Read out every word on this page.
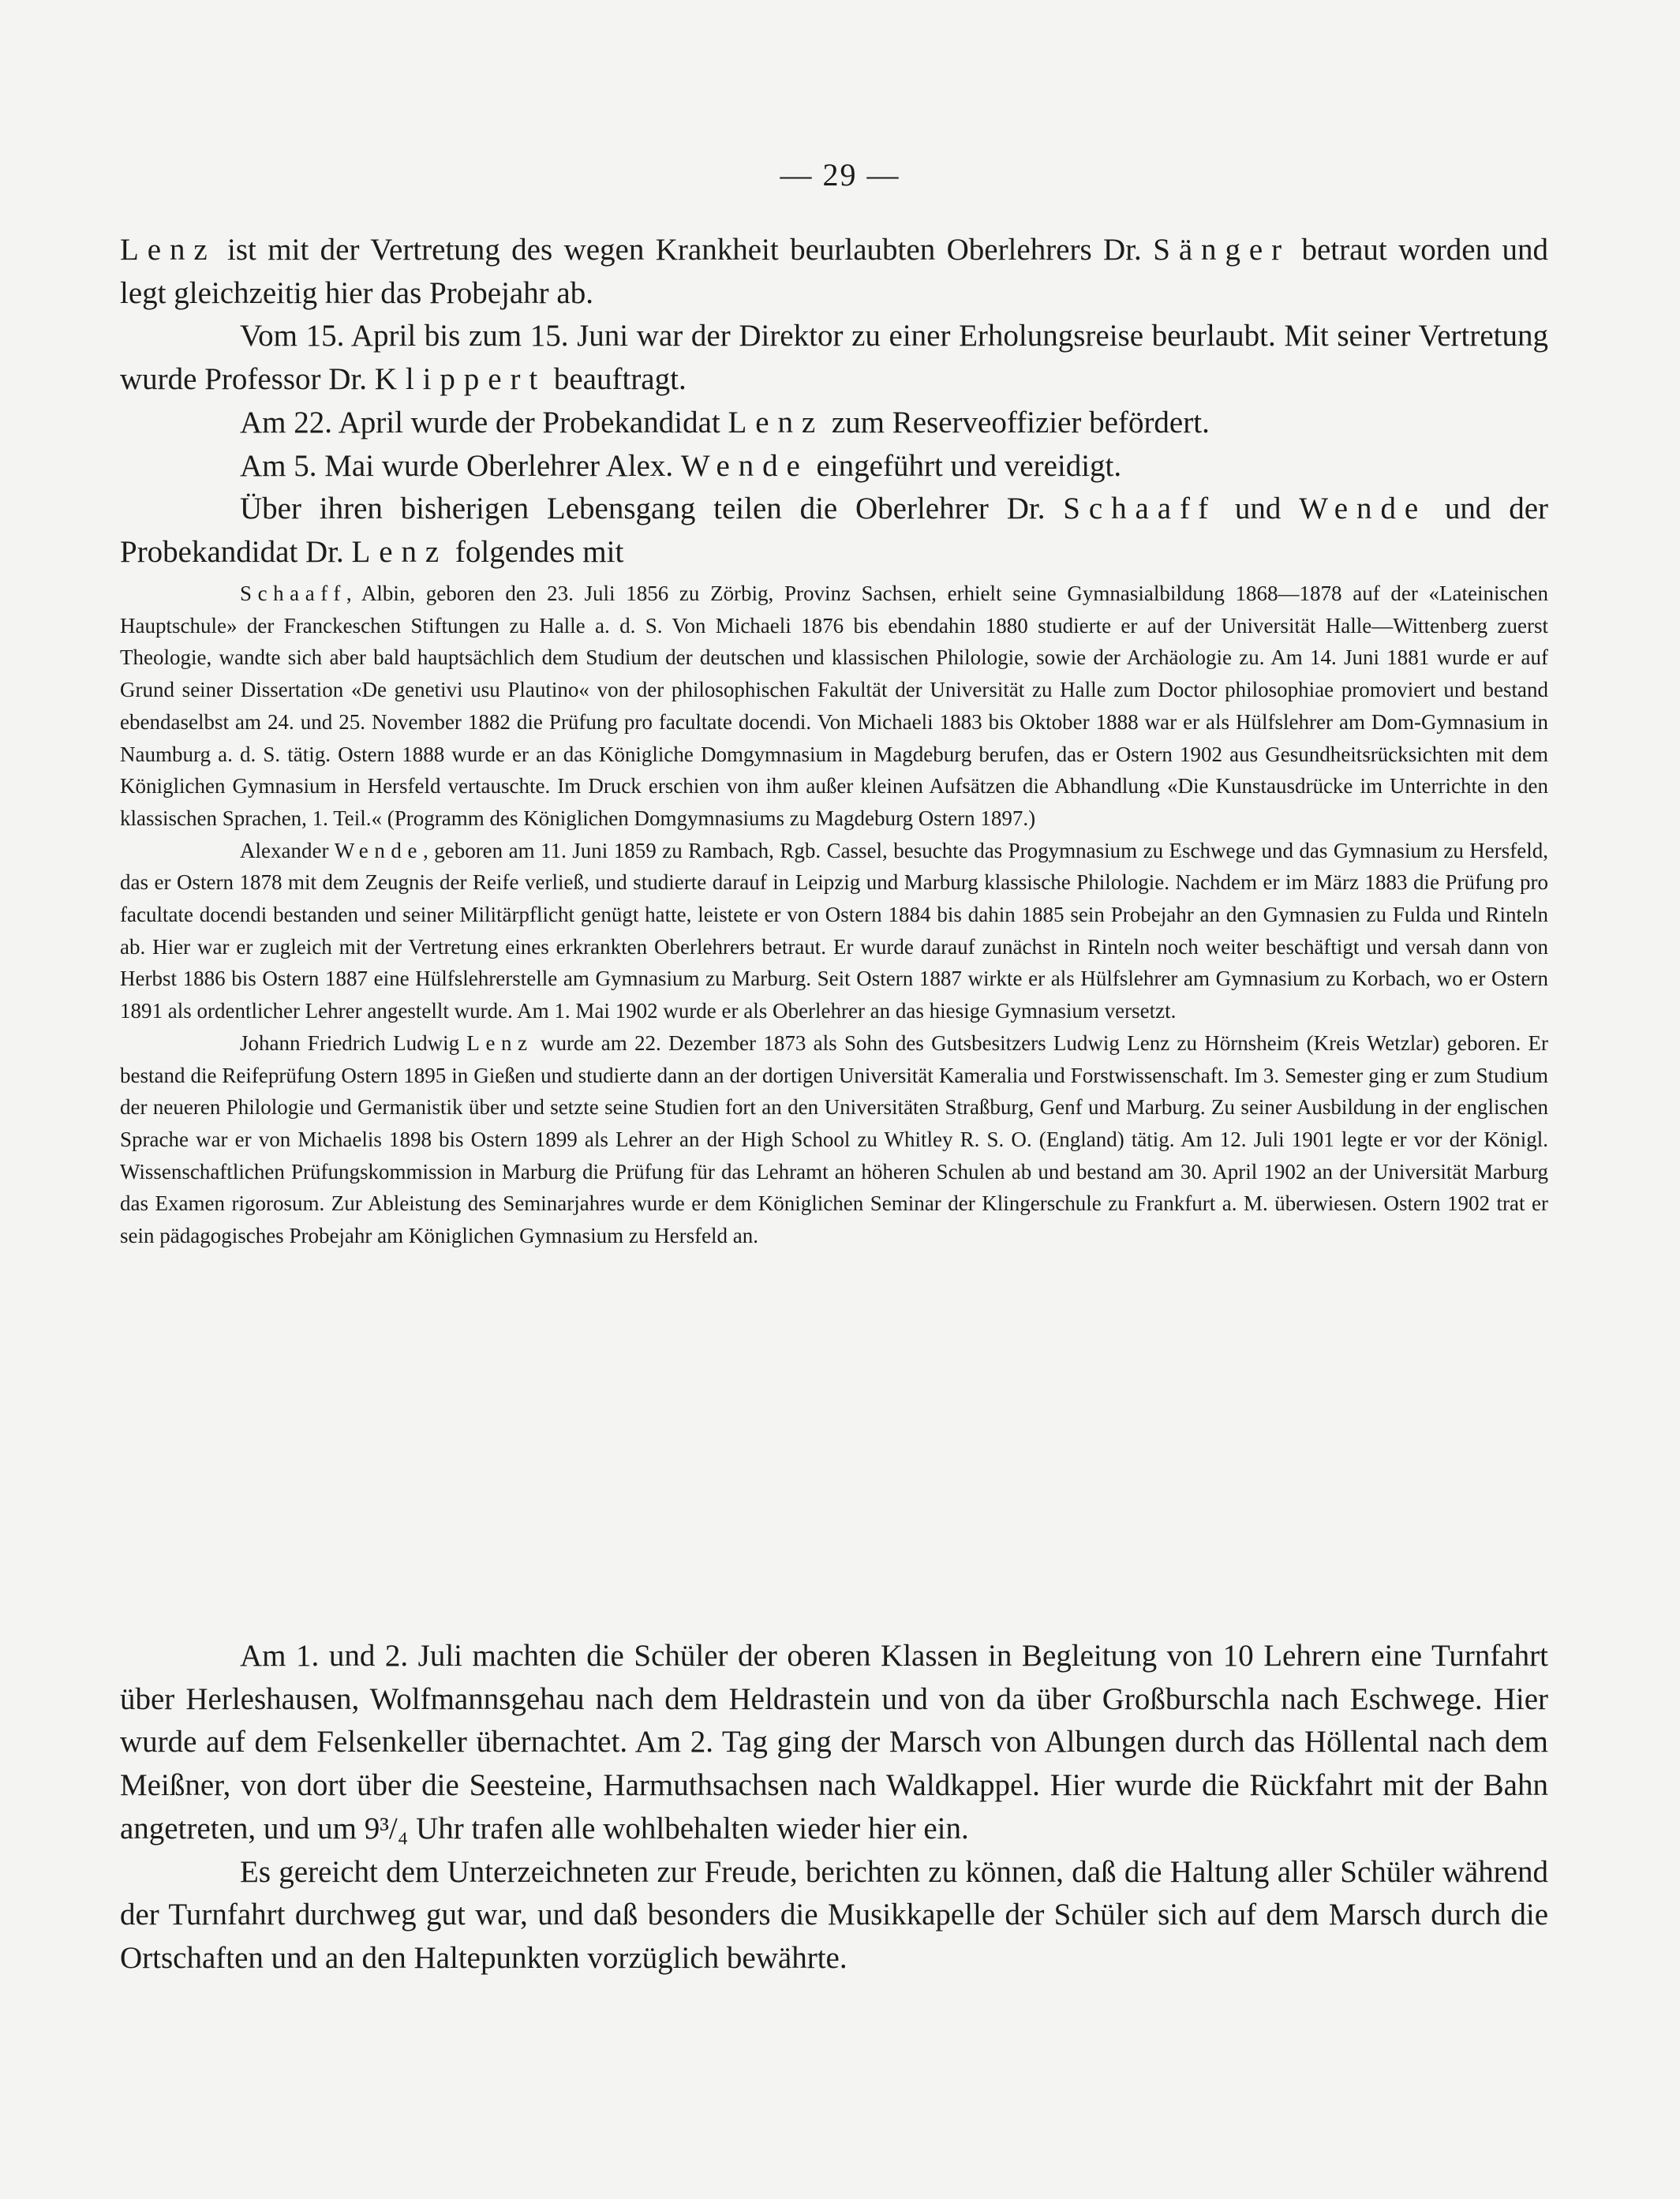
— 29 —

Lenz ist mit der Vertretung des wegen Krankheit beurlaubten Oberlehrers Dr. Sänger betraut worden und legt gleichzeitig hier das Probejahr ab.

Vom 15. April bis zum 15. Juni war der Direktor zu einer Erholungsreise beurlaubt. Mit seiner Vertretung wurde Professor Dr. Klippert beauftragt.

Am 22. April wurde der Probekandidat Lenz zum Reserveoffizier befördert.

Am 5. Mai wurde Oberlehrer Alex. Wende eingeführt und vereidigt.

Über ihren bisherigen Lebensgang teilen die Oberlehrer Dr. Schaaff und Wende und der Probekandidat Dr. Lenz folgendes mit

Schaaff, Albin, geboren den 23. Juli 1856 zu Zörbig, Provinz Sachsen, erhielt seine Gymnasialbildung 1868—1878 auf der «Lateinischen Hauptschule» der Franckeschen Stiftungen zu Halle a. d. S. Von Michaeli 1876 bis ebendahin 1880 studierte er auf der Universität Halle—Wittenberg zuerst Theologie, wandte sich aber bald hauptsächlich dem Studium der deutschen und klassischen Philologie, sowie der Archäologie zu. Am 14. Juni 1881 wurde er auf Grund seiner Dissertation «De genetivi usu Plautino« von der philosophischen Fakultät der Universität zu Halle zum Doctor philosophiae promoviert und bestand ebendaselbst am 24. und 25. November 1882 die Prüfung pro facultate docendi. Von Michaeli 1883 bis Oktober 1888 war er als Hülfslehrer am Dom-Gymnasium in Naumburg a. d. S. tätig. Ostern 1888 wurde er an das Königliche Domgymnasium in Magdeburg berufen, das er Ostern 1902 aus Gesundheitsrücksichten mit dem Königlichen Gymnasium in Hersfeld vertauschte. Im Druck erschien von ihm außer kleinen Aufsätzen die Abhandlung «Die Kunstausdrücke im Unterrichte in den klassischen Sprachen, 1. Teil.« (Programm des Königlichen Domgymnasiums zu Magdeburg Ostern 1897.)

Alexander Wende, geboren am 11. Juni 1859 zu Rambach, Rgb. Cassel, besuchte das Progymnasium zu Eschwege und das Gymnasium zu Hersfeld, das er Ostern 1878 mit dem Zeugnis der Reife verließ, und studierte darauf in Leipzig und Marburg klassische Philologie. Nachdem er im März 1883 die Prüfung pro facultate docendi bestanden und seiner Militärpflicht genügt hatte, leistete er von Ostern 1884 bis dahin 1885 sein Probejahr an den Gymnasien zu Fulda und Rinteln ab. Hier war er zugleich mit der Vertretung eines erkrankten Oberlehrers betraut. Er wurde darauf zunächst in Rinteln noch weiter beschäftigt und versah dann von Herbst 1886 bis Ostern 1887 eine Hülfslehrerstelle am Gymnasium zu Marburg. Seit Ostern 1887 wirkte er als Hülfslehrer am Gymnasium zu Korbach, wo er Ostern 1891 als ordentlicher Lehrer angestellt wurde. Am 1. Mai 1902 wurde er als Oberlehrer an das hiesige Gymnasium versetzt.

Johann Friedrich Ludwig Lenz wurde am 22. Dezember 1873 als Sohn des Gutsbesitzers Ludwig Lenz zu Hörnsheim (Kreis Wetzlar) geboren. Er bestand die Reifeprüfung Ostern 1895 in Gießen und studierte dann an der dortigen Universität Kameralia und Forstwissenschaft. Im 3. Semester ging er zum Studium der neueren Philologie und Germanistik über und setzte seine Studien fort an den Universitäten Straßburg, Genf und Marburg. Zu seiner Ausbildung in der englischen Sprache war er von Michaelis 1898 bis Ostern 1899 als Lehrer an der High School zu Whitley R. S. O. (England) tätig. Am 12. Juli 1901 legte er vor der Königl. Wissenschaftlichen Prüfungskommission in Marburg die Prüfung für das Lehramt an höheren Schulen ab und bestand am 30. April 1902 an der Universität Marburg das Examen rigorosum. Zur Ableistung des Seminarjahres wurde er dem Königlichen Seminar der Klingerschule zu Frankfurt a. M. überwiesen. Ostern 1902 trat er sein pädagogisches Probejahr am Königlichen Gymnasium zu Hersfeld an.

Am 1. und 2. Juli machten die Schüler der oberen Klassen in Begleitung von 10 Lehrern eine Turnfahrt über Herleshausen, Wolfmannsgehau nach dem Heldrastein und von da über Großburschla nach Eschwege. Hier wurde auf dem Felsenkeller übernachtet. Am 2. Tag ging der Marsch von Albungen durch das Höllental nach dem Meißner, von dort über die Seesteine, Harmuthsachsen nach Waldkappel. Hier wurde die Rückfahrt mit der Bahn angetreten, und um 9³/₄ Uhr trafen alle wohlbehalten wieder hier ein.

Es gereicht dem Unterzeichneten zur Freude, berichten zu können, daß die Haltung aller Schüler während der Turnfahrt durchweg gut war, und daß besonders die Musikkapelle der Schüler sich auf dem Marsch durch die Ortschaften und an den Haltepunkten vorzüglich bewährte.
